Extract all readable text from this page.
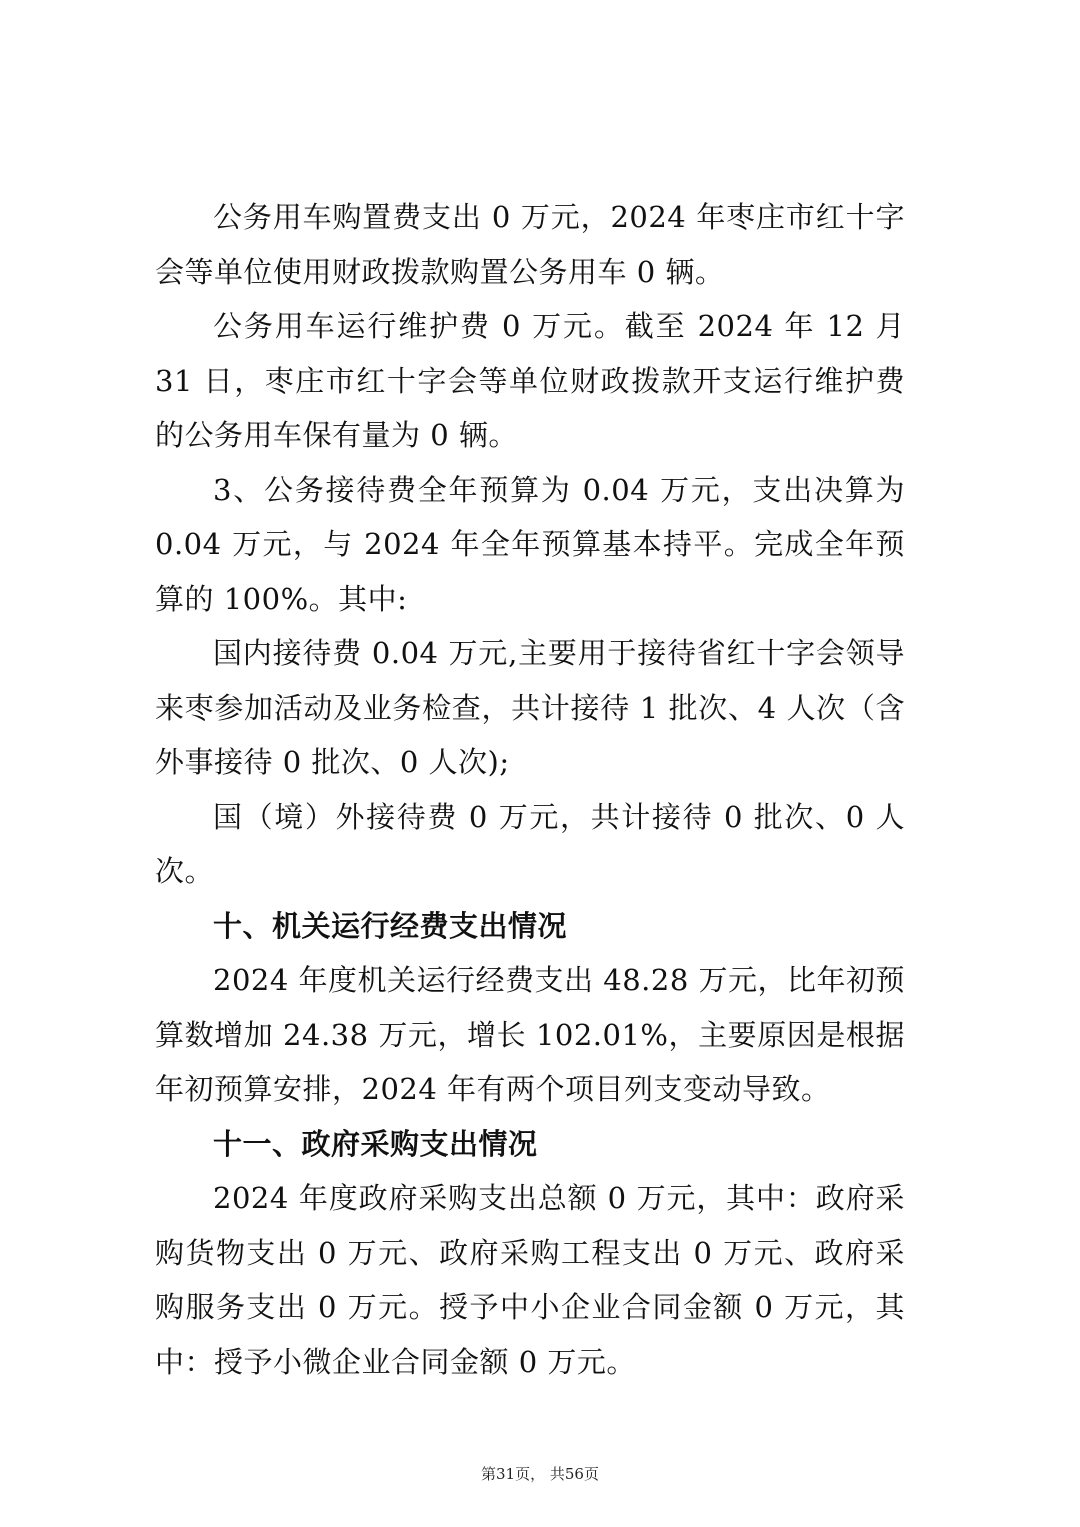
公务用车购置费支出 0 万元，2024 年枣庄市红十字会等单位使用财政拨款购置公务用车 0 辆。

公务用车运行维护费 0 万元。截至 2024 年 12 月 31 日，枣庄市红十字会等单位财政拨款开支运行维护费的公务用车保有量为 0 辆。

3、公务接待费全年预算为 0.04 万元，支出决算为 0.04 万元，与 2024 年全年预算基本持平。完成全年预算的 100%。其中:

国内接待费 0.04 万元,主要用于接待省红十字会领导来枣参加活动及业务检查，共计接待 1 批次、4 人次（含外事接待 0 批次、0 人次);

国（境）外接待费 0 万元，共计接待 0 批次、0 人次。

十、机关运行经费支出情况

2024 年度机关运行经费支出 48.28 万元，比年初预算数增加 24.38 万元，增长 102.01%，主要原因是根据年初预算安排，2024 年有两个项目列支变动导致。

十一、政府采购支出情况

2024 年度政府采购支出总额 0 万元，其中：政府采购货物支出 0 万元、政府采购工程支出 0 万元、政府采购服务支出 0 万元。授予中小企业合同金额 0 万元，其中：授予小微企业合同金额 0 万元。

第31页， 共56页
